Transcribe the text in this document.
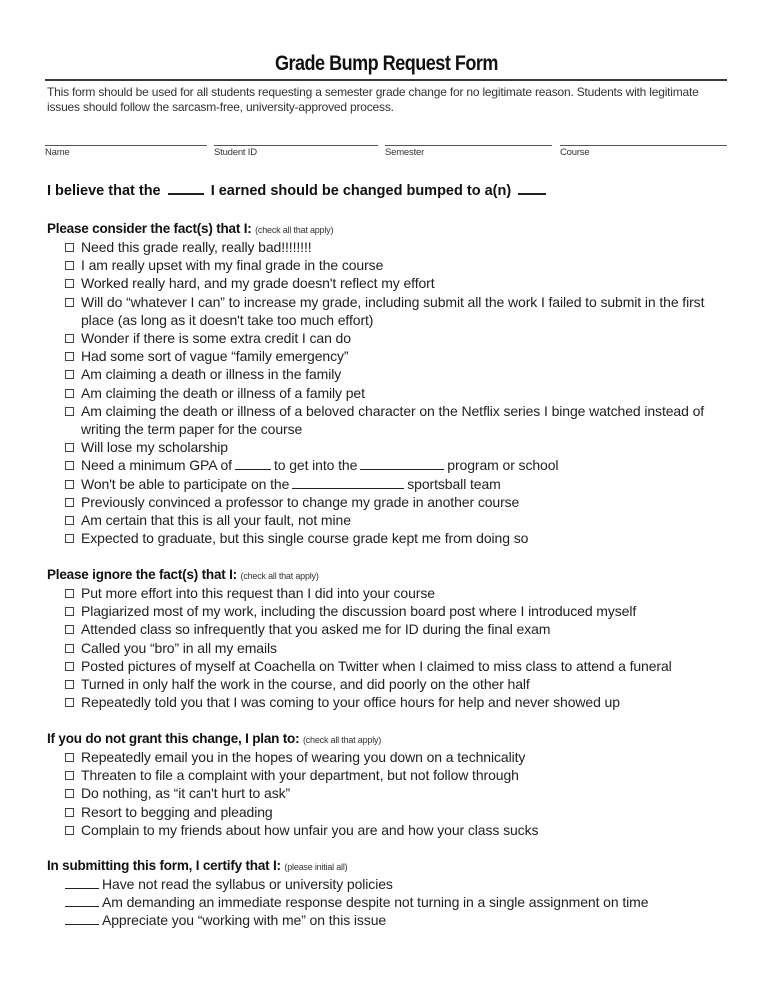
Grade Bump Request Form
This form should be used for all students requesting a semester grade change for no legitimate reason. Students with legitimate issues should follow the sarcasm-free, university-approved process.
Name	Student ID	Semester	Course
I believe that the	I earned should be changed bumped to a(n)
Please consider the fact(s) that I: (check all that apply)
Need this grade really, really bad!!!!!!!!
I am really upset with my final grade in the course
Worked really hard, and my grade doesn't reflect my effort
Will do “whatever I can” to increase my grade, including submit all the work I failed to submit in the first place (as long as it doesn't take too much effort)
Wonder if there is some extra credit I can do
Had some sort of vague “family emergency”
Am claiming a death or illness in the family
Am claiming the death or illness of a family pet
Am claiming the death or illness of a beloved character on the Netflix series I binge watched instead of writing the term paper for the course
Will lose my scholarship
Need a minimum GPA of	to get into the	program or school
Won't be able to participate on the	sportsball team
Previously convinced a professor to change my grade in another course
Am certain that this is all your fault, not mine
Expected to graduate, but this single course grade kept me from doing so
Please ignore the fact(s) that I: (check all that apply)
Put more effort into this request than I did into your course
Plagiarized most of my work, including the discussion board post where I introduced myself
Attended class so infrequently that you asked me for ID during the final exam
Called you “bro” in all my emails
Posted pictures of myself at Coachella on Twitter when I claimed to miss class to attend a funeral
Turned in only half the work in the course, and did poorly on the other half
Repeatedly told you that I was coming to your office hours for help and never showed up
If you do not grant this change, I plan to: (check all that apply)
Repeatedly email you in the hopes of wearing you down on a technicality
Threaten to file a complaint with your department, but not follow through
Do nothing, as “it can't hurt to ask”
Resort to begging and pleading
Complain to my friends about how unfair you are and how your class sucks
In submitting this form, I certify that I: (please initial all)
Have not read the syllabus or university policies
Am demanding an immediate response despite not turning in a single assignment on time
Appreciate you “working with me” on this issue
